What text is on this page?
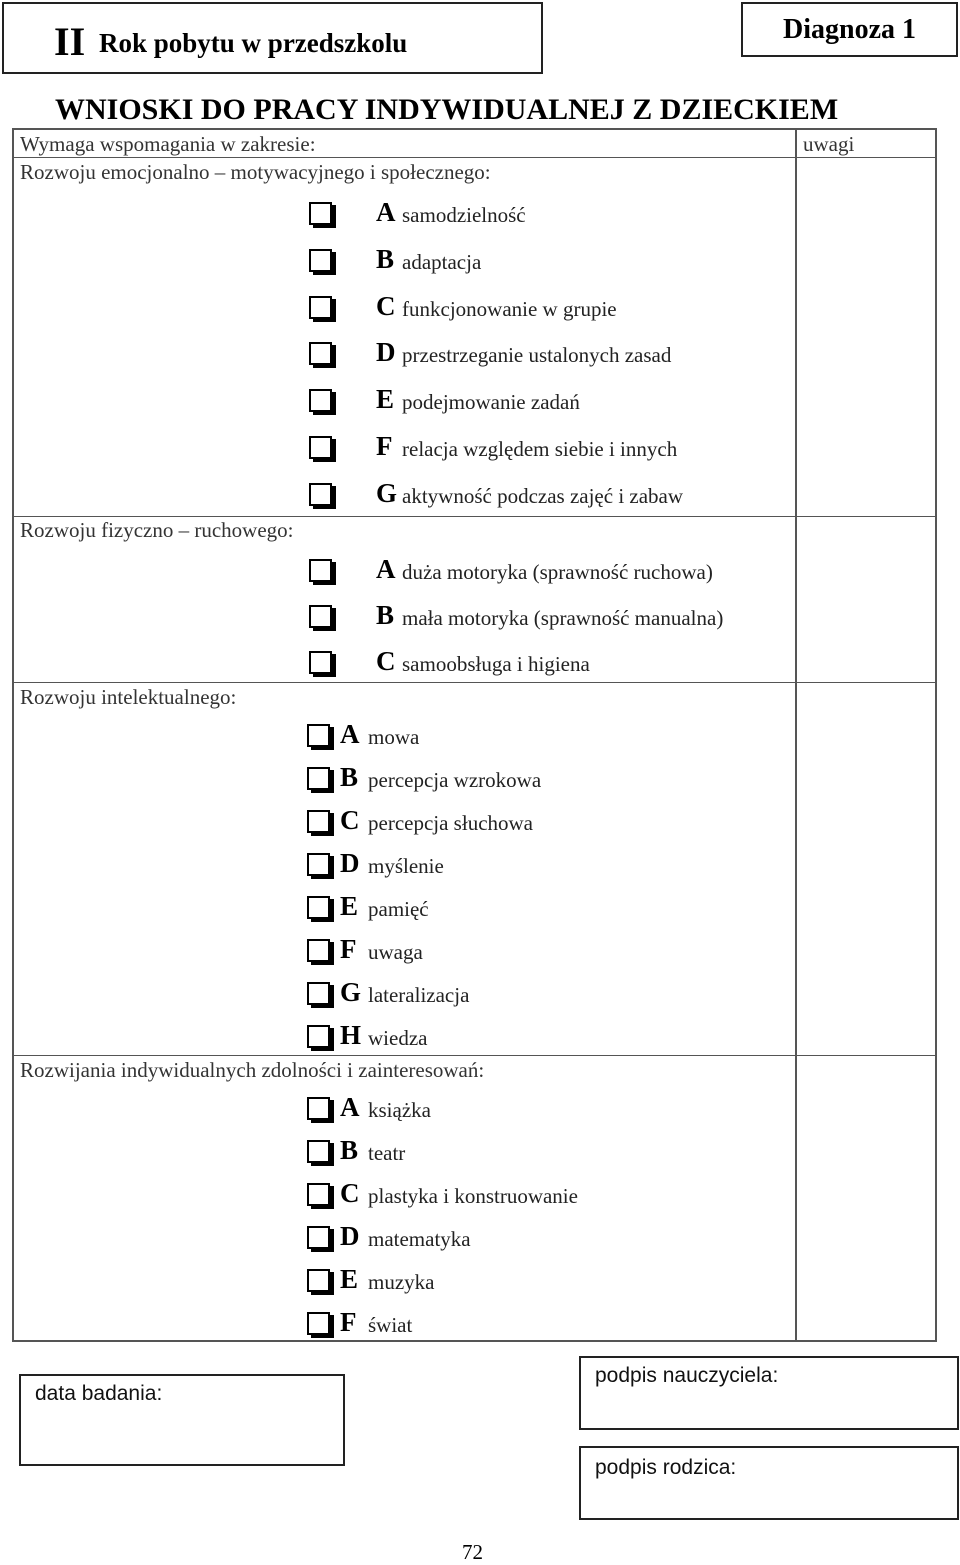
II Rok pobytu w przedszkolu	Diagnoza 1
WNIOSKI DO PRACY INDYWIDUALNEJ Z DZIECKIEM
Wymaga wspomagania w zakresie:	uwagi
Rozwoju emocjonalno – motywacyjnego i społecznego:
Rozwoju fizyczno – ruchowego:
Rozwoju intelektualnego:
Rozwijania indywidualnych zdolności i zainteresowań:
A samodzielność
B adaptacja
C funkcjonowanie w grupie
D przestrzeganie ustalonych zasad
E podejmowanie zadań
F relacja względem siebie i innych
G aktywność podczas zajęć i zabaw
A duża motoryka (sprawność ruchowa)
B mała motoryka (sprawność manualna)
C samoobsługa i higiena
A mowa
B percepcja wzrokowa
C percepcja słuchowa
D myślenie
E pamięć
F uwaga
G lateralizacja
H wiedza
A książka
B teatr
C plastyka i konstruowanie
D matematyka
E muzyka
F świat
data badania:
podpis nauczyciela:
podpis rodzica:
72
